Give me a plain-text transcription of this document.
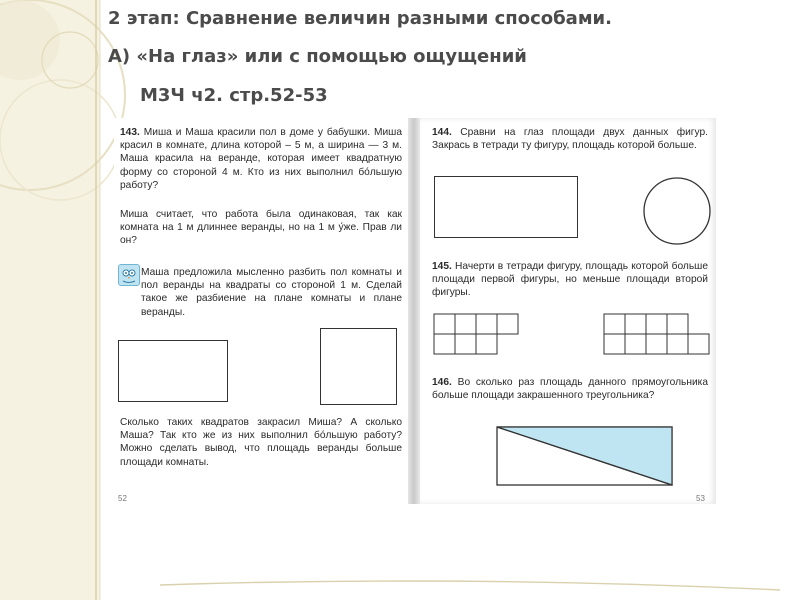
2 этап: Сравнение величин разными способами.
А) «На глаз» или с помощью ощущений
М3Ч ч2. стр.52-53

143. Миша и Маша красили пол в доме у бабушки. Миша красил в комнате, длина которой – 5 м, а ширина — 3 м. Маша красила на веранде, которая имеет квадратную форму со стороной 4 м. Кто из них выполнил бо́льшую работу?

Миша считает, что работа была одинаковая, так как комната на 1 м длиннее веранды, но на 1 м у́же. Прав ли он?

Маша предложила мысленно разбить пол комнаты и пол веранды на квадраты со стороной 1 м. Сделай такое же разбиение на плане комнаты и плане веранды.

Сколько таких квадратов закрасил Миша? А сколько Маша? Так кто же из них выполнил бо́льшую работу? Можно сделать вывод, что площадь веранды больше площади комнаты.

52

144. Сравни на глаз площади двух данных фигур. Закрась в тетради ту фигуру, площадь которой больше.

145. Начерти в тетради фигуру, площадь которой больше площади первой фигуры, но меньше площади второй фигуры.

146. Во сколько раз площадь данного прямоугольника больше площади закрашенного треугольника?

53
